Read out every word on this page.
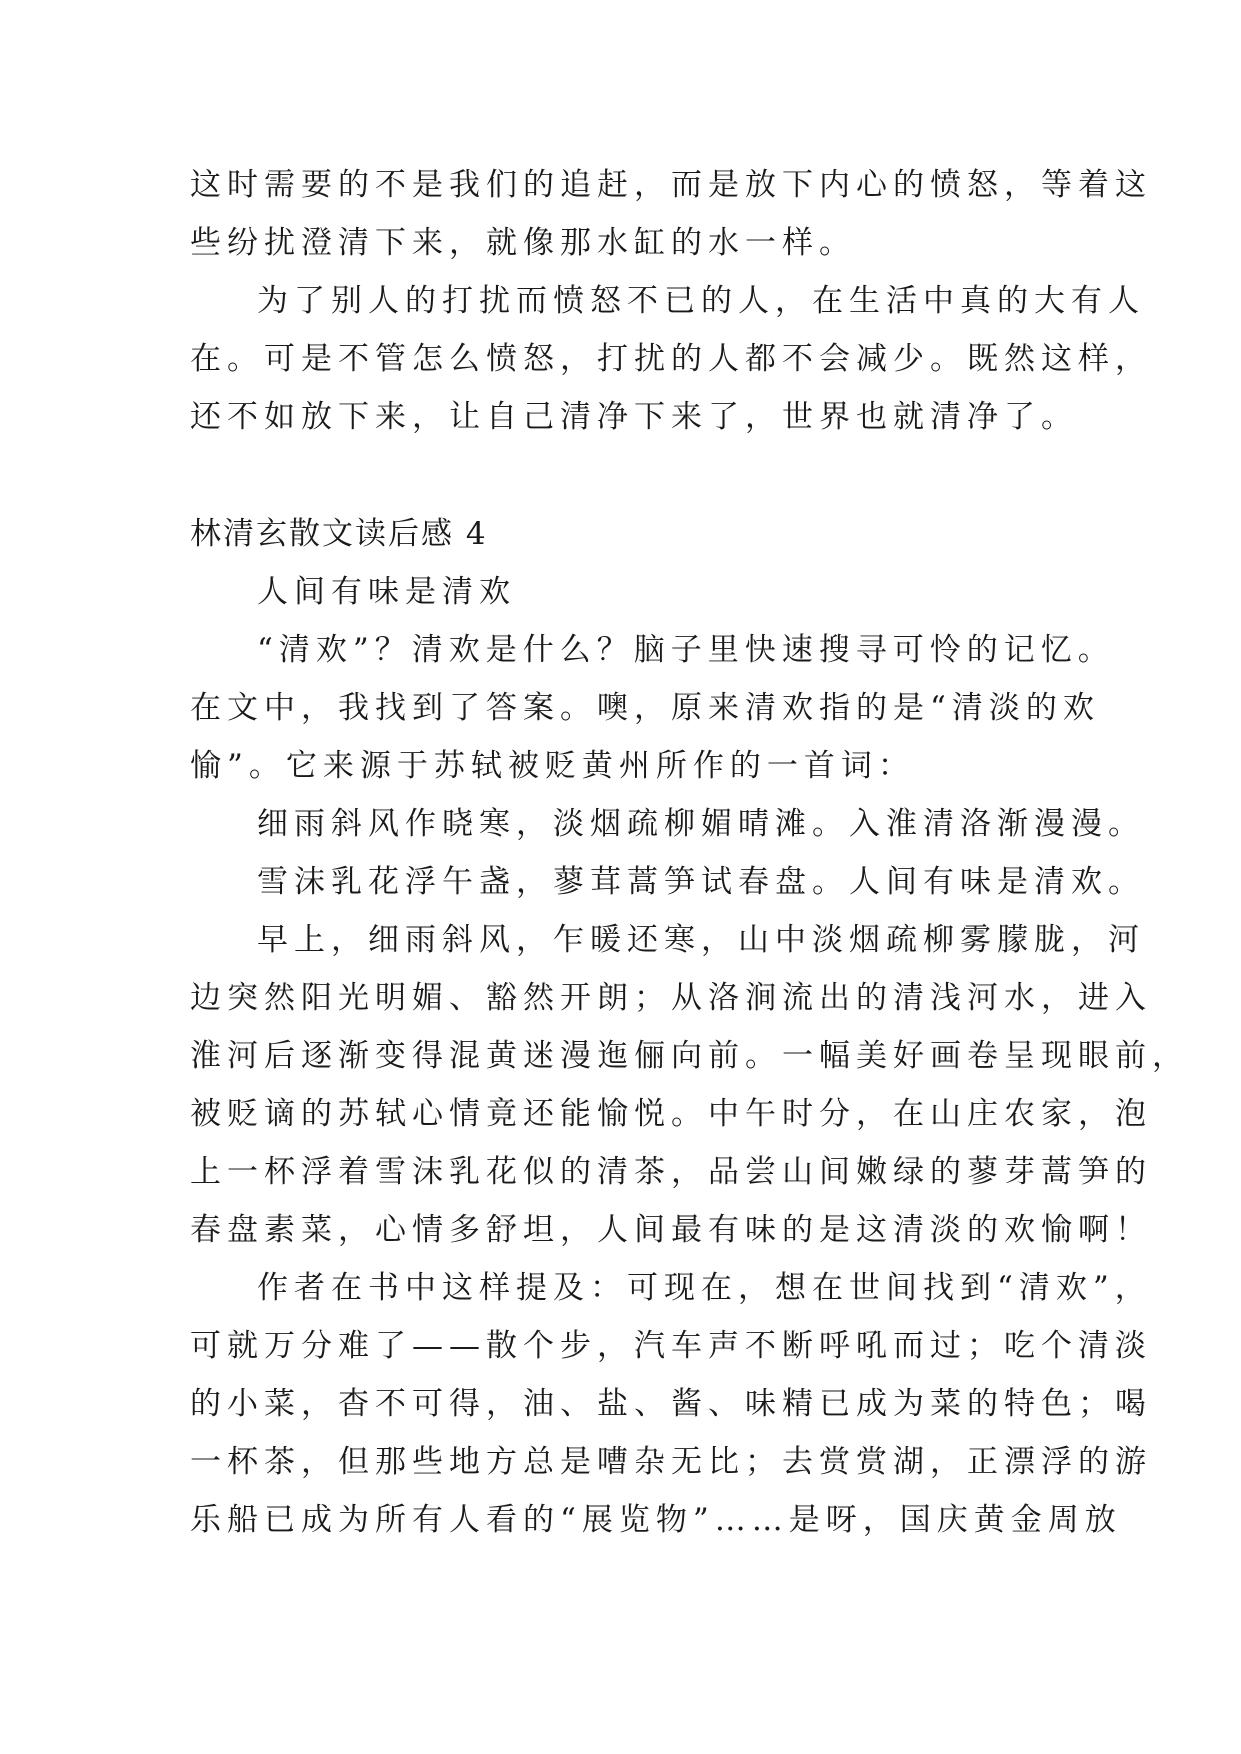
这时需要的不是我们的追赶，而是放下内心的愤怒，等着这
些纷扰澄清下来，就像那水缸的水一样。
为了别人的打扰而愤怒不已的人，在生活中真的大有人
在。可是不管怎么愤怒，打扰的人都不会减少。既然这样，
还不如放下来，让自己清净下来了，世界也就清净了。
林清玄散文读后感 4
人间有味是清欢
“清欢”？清欢是什么？脑子里快速搜寻可怜的记忆。
在文中，我找到了答案。噢，原来清欢指的是“清淡的欢
愉”。它来源于苏轼被贬黄州所作的一首词：
细雨斜风作晓寒，淡烟疏柳媚晴滩。入淮清洛渐漫漫。
雪沫乳花浮午盏，蓼茸蒿笋试春盘。人间有味是清欢。
早上，细雨斜风，乍暖还寒，山中淡烟疏柳雾朦胧，河
边突然阳光明媚、豁然开朗；从洛涧流出的清浅河水，进入
淮河后逐渐变得混黄迷漫迤俪向前。一幅美好画卷呈现眼前，
被贬谪的苏轼心情竟还能愉悦。中午时分，在山庄农家，泡
上一杯浮着雪沫乳花似的清茶，品尝山间嫩绿的蓼芽蒿笋的
春盘素菜，心情多舒坦，人间最有味的是这清淡的欢愉啊！
作者在书中这样提及：可现在，想在世间找到“清欢”，
可就万分难了——散个步，汽车声不断呼吼而过；吃个清淡
的小菜，杳不可得，油、盐、酱、味精已成为菜的特色；喝
一杯茶，但那些地方总是嘈杂无比；去赏赏湖，正漂浮的游
乐船已成为所有人看的“展览物”……是呀，国庆黄金周放
